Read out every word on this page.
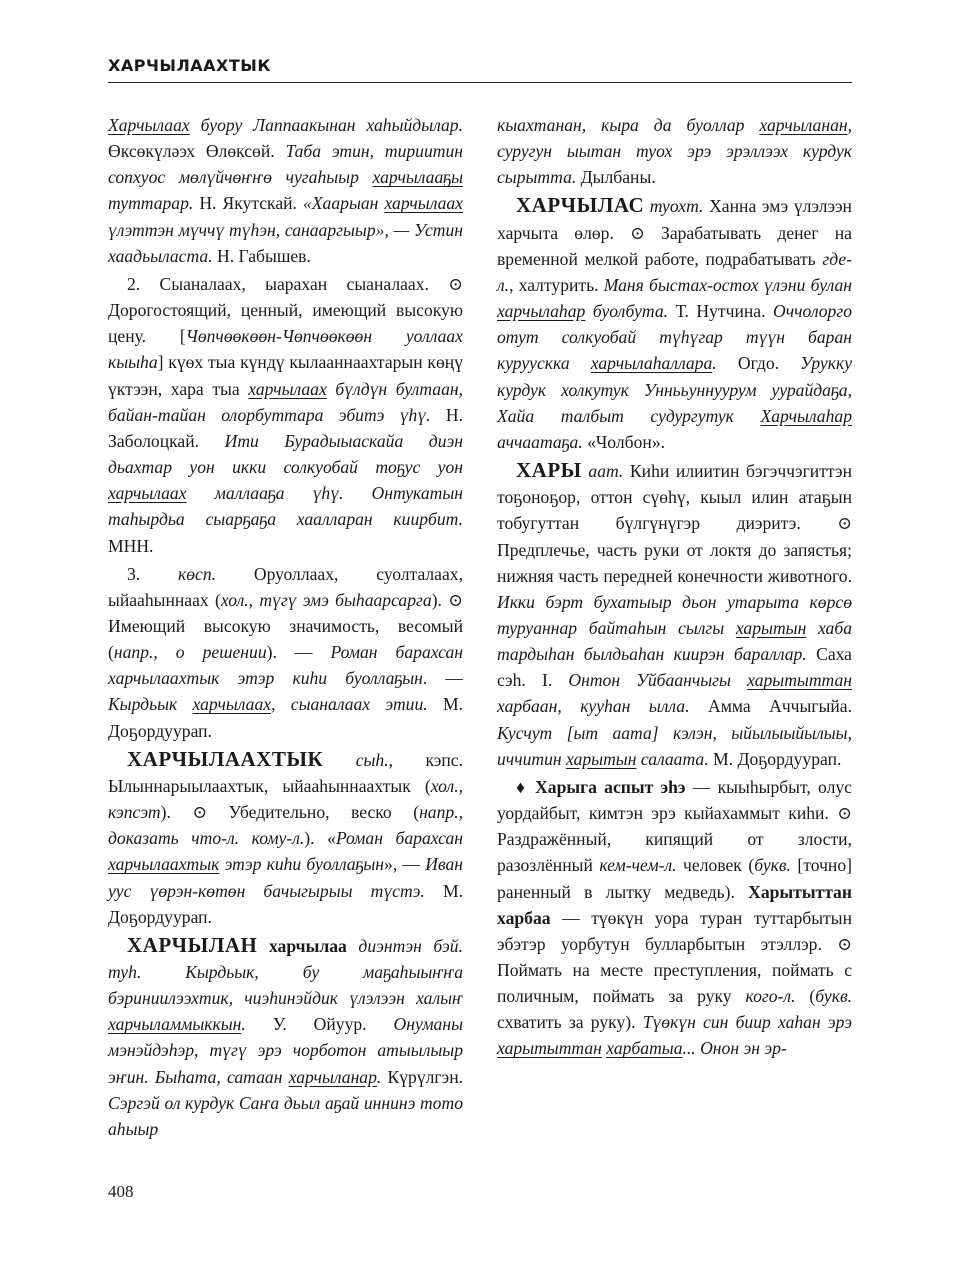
ХАРЧЫЛААХТЫК

Харчылаах буору Лаппаакынан хаһыйдылар. Өксөкүләэх Өлөксөй. Таба этин, тириитин сопхуос мөлүйчөҥҥө чугаһыыр харчылааҕы туттарар. Н. Якутскай. «Хаарыан харчылаах үлэттэн мүччү түһэн, санааргыыр», — Устин хаадьыласта. Н. Габышев.

2. Сыаналаах, ыарахан сыаналаах. ⊙ Дорогостоящий, ценный, имеющий высокую цену. [Чөпчөөкөөн-Чөпчөөкөөн уоллаах кыыһа] күөх тыа күндү кылааннаахтарын көңү үктээн, хара тыа харчылаах бүлдүн бултаан, байан-тайан олорбуттара эбитэ үһү. Н. Заболоцкай. Ити Бурадыыаскайа диэн дьахтар уон икки солкуобай тоҕус уон харчылаах маллааҕа үһү. Онтукатын таһырдьа сыарҕаҕа хаалларан киирбит. МНН.

3. көсп. Оруоллаах, суолталаах, ыйааһыннаах (хол., түгү эмэ быһаарсарга). ⊙ Имеющий высокую значимость, весомый (напр., о решении). — Роман барахсан харчылаахтык этэр киһи буоллаҕын. — Кырдьык харчылаах, сыаналаах этии. М. Доҕордуурап.

ХАРЧЫЛААХТЫК сыһ., кэпс. Ылыннарыылаахтык, ыйааһыннаахтык (хол., кэпсэт). ⊙ Убедительно, веско (напр., доказать что-л. кому-л.). «Роман барахсан харчылаахтык этэр киһи буоллаҕын», — Иван уус үөрэн-көтөн бачыгырыы түстэ. М. Доҕордуурап.

ХАРЧЫЛАН харчылаа диэнтэн бэй. туһ. Кырдьык, бу маҕаһыыҥҥа бэриниилээхтик, чиэһинэйдик үлэлээн халыҥ харчыламмыккын. У. Ойуур. Онуманы мэнэйдэһэр, түгү эрэ чорботон атыылыыр эҥин. Быһата, сатаан харчыланар. Күрүлгэн. Сэргэй ол курдук Саҥа дьыл аҕай иннинэ тото аһыыр

кыахтанан, кыра да буоллар харчыланан, суругун ыытан туох эрэ эрэллээх курдук сырытта. Дылбаны.

ХАРЧЫЛАС туохт. Ханна эмэ үлэлээн харчыта өлөр. ⊙ Зарабатывать денег на временной мелкой работе, подрабатывать где-л., халтурить. Маня быстах-остох үлэни булан харчылаһар буолбута. Т. Нутчина. Оччолорго отут солкуобай түһүгар түүн баран куруускка харчылаһаллара. Огдо. Урукку курдук холкутук Уннььуннуурум уурайдаҕа, Хайа талбыт судургутук Харчылаһар аччаатаҕа. «Чолбон».

ХАРЫ аат. Киһи илиитин бэгэччэгиттэн тоҕоноҕор, оттон сүөһү, кыыл илин атаҕын тобугуттан бүлгүнүгэр диэритэ. ⊙ Предплечье, часть руки от локтя до запястья; нижняя часть передней конечности животного. Икки бэрт бухатыыр дьон утарыта көрсө туруаннар байтаһын сылгы харытын хаба тардыһан былдьаһан киирэн бараллар. Саха сэһ. I. Онтон Уйбаанчыгы харытыттан харбаан, кууһан ылла. Амма Аччыгыйа. Кусчут [ыт аата] кэлэн, ыйылыыйылыы, иччитин харытын салаата. М. Доҕордуурап.

♦ Харыга аспыт эһэ — кыыһырбыт, олус уордайбыт, кимтэн эрэ кыйахаммыт киһи. ⊙ Раздражённый, кипящий от злости, разозлённый кем-чем-л. человек (букв. [точно] раненный в лытку медведь). Харытыттан харбаа — түөкүн уора туран туттарбытын эбэтэр уорбутун булларбытын этэллэр. ⊙ Поймать на месте преступления, поймать с поличным, поймать за руку кого-л. (букв. схватить за руку). Түөкүн син биир хаһан эрэ харытыттан харбатыа... Онон эн эр-

408
